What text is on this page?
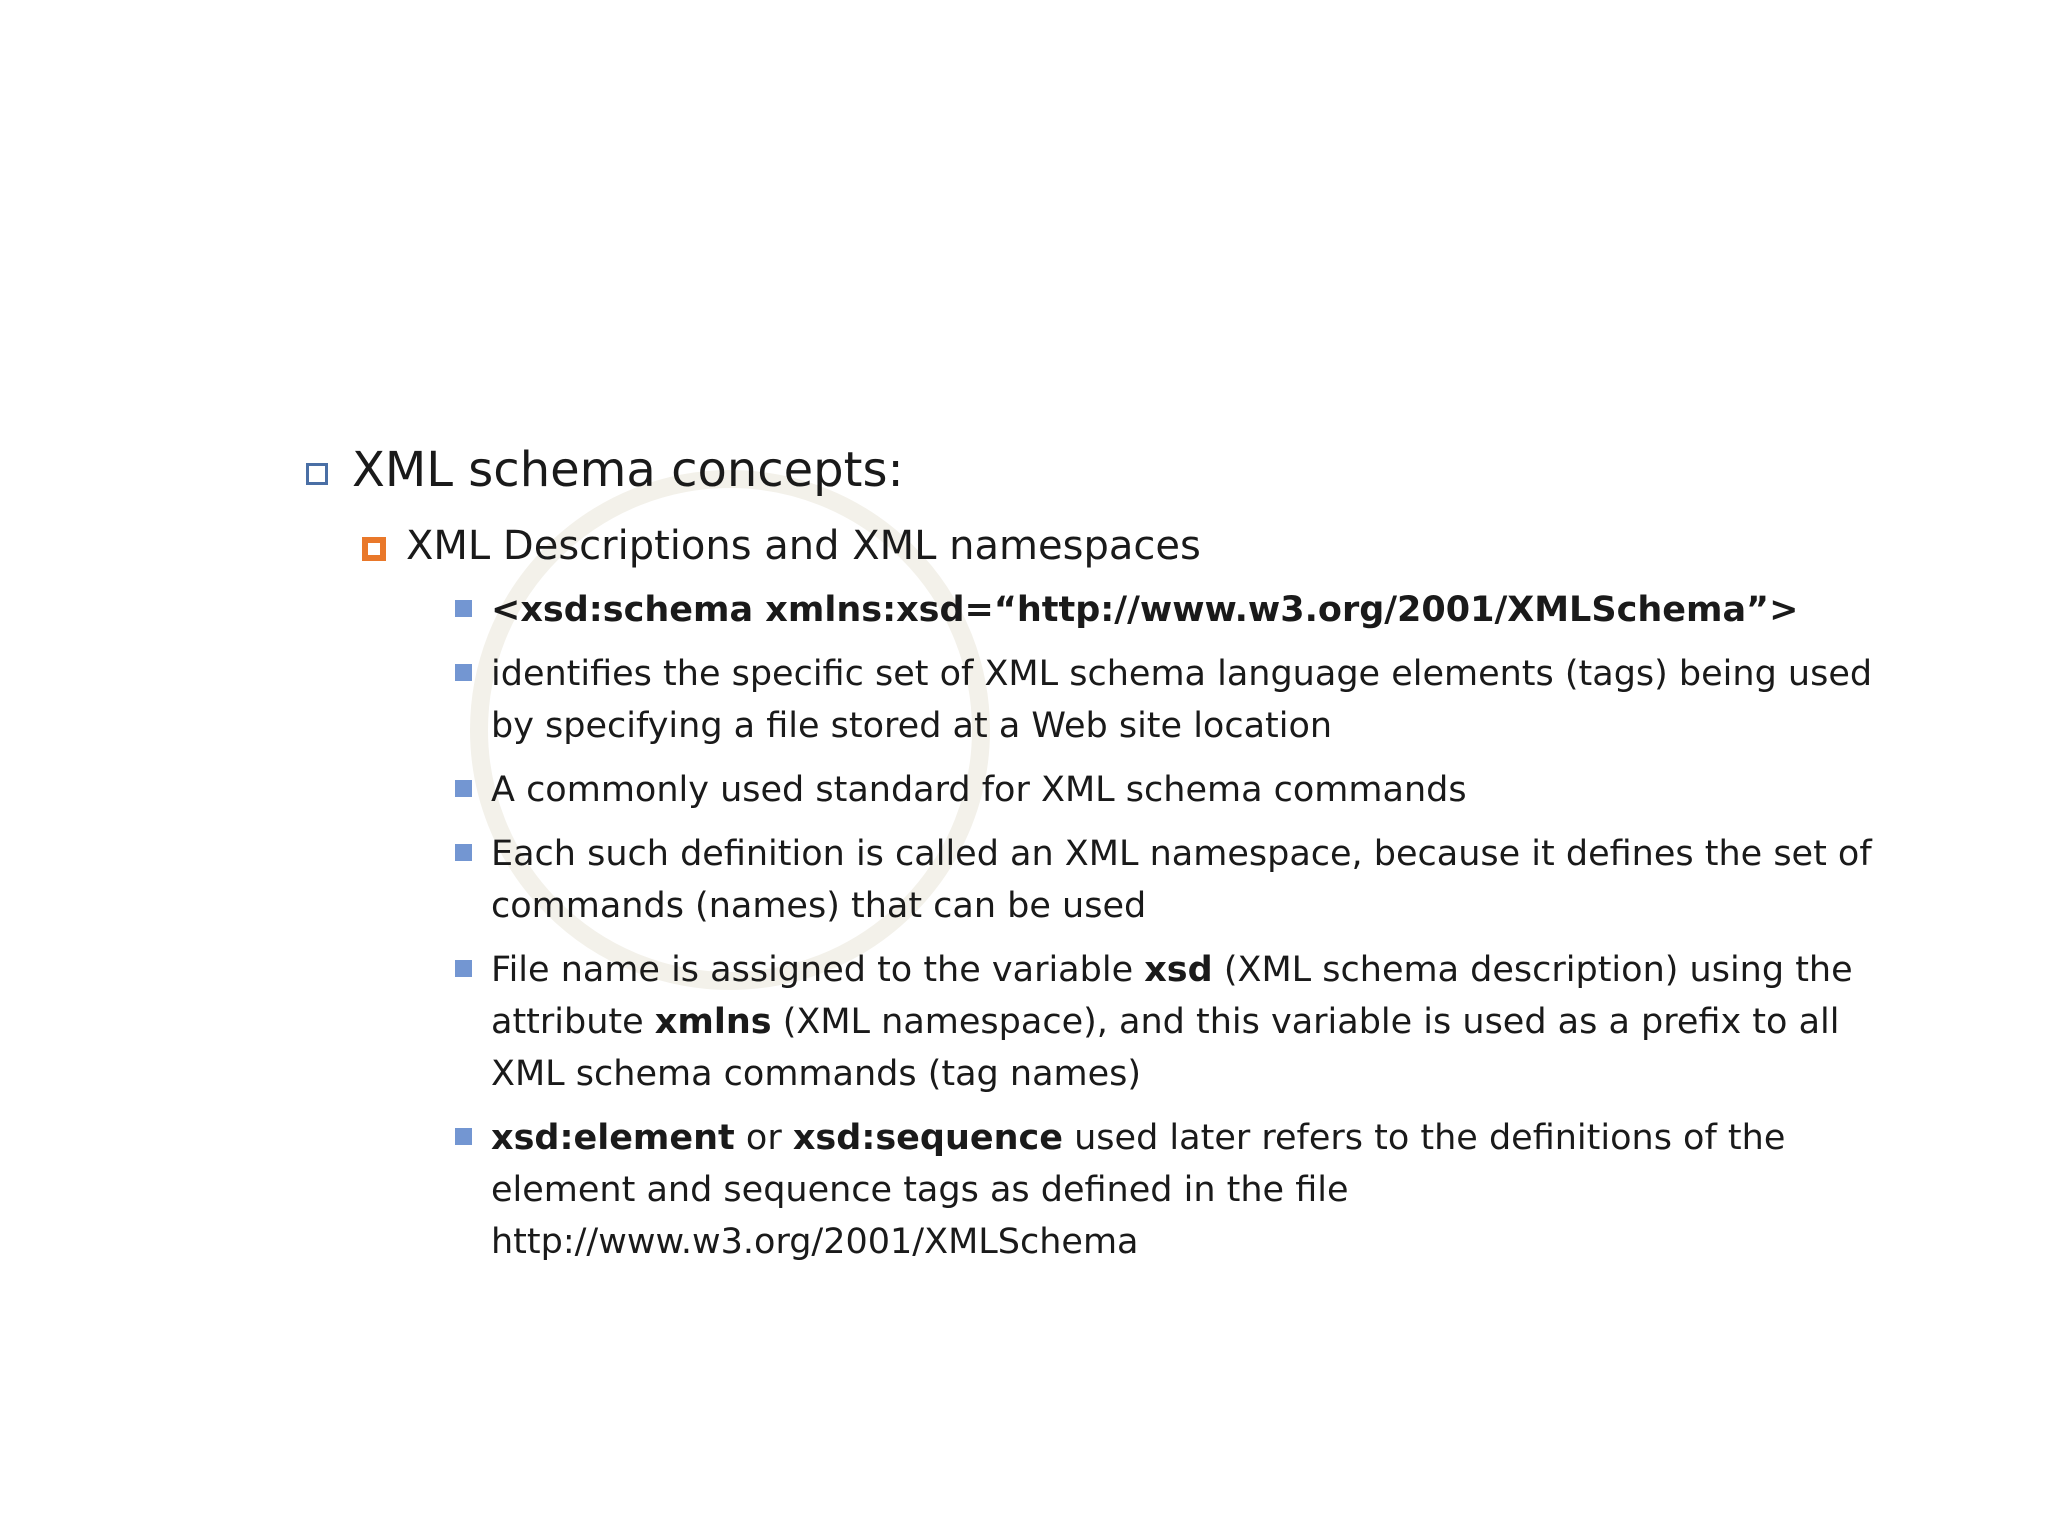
XML schema concepts:
XML Descriptions and XML namespaces
<xsd:schema xmlns:xsd=“http://www.w3.org/2001/XMLSchema”>
identifies the specific set of XML schema language elements (tags) being used by specifying a file stored at a Web site location
A commonly used standard for XML schema commands
Each such definition is called an XML namespace, because it defines the set of commands (names) that can be used
File name is assigned to the variable xsd (XML schema description) using the attribute xmlns (XML namespace), and this variable is used as a prefix to all XML schema commands (tag names)
xsd:element or xsd:sequence used later refers to the definitions of the element and sequence tags as defined in the file http://www.w3.org/2001/XMLSchema
